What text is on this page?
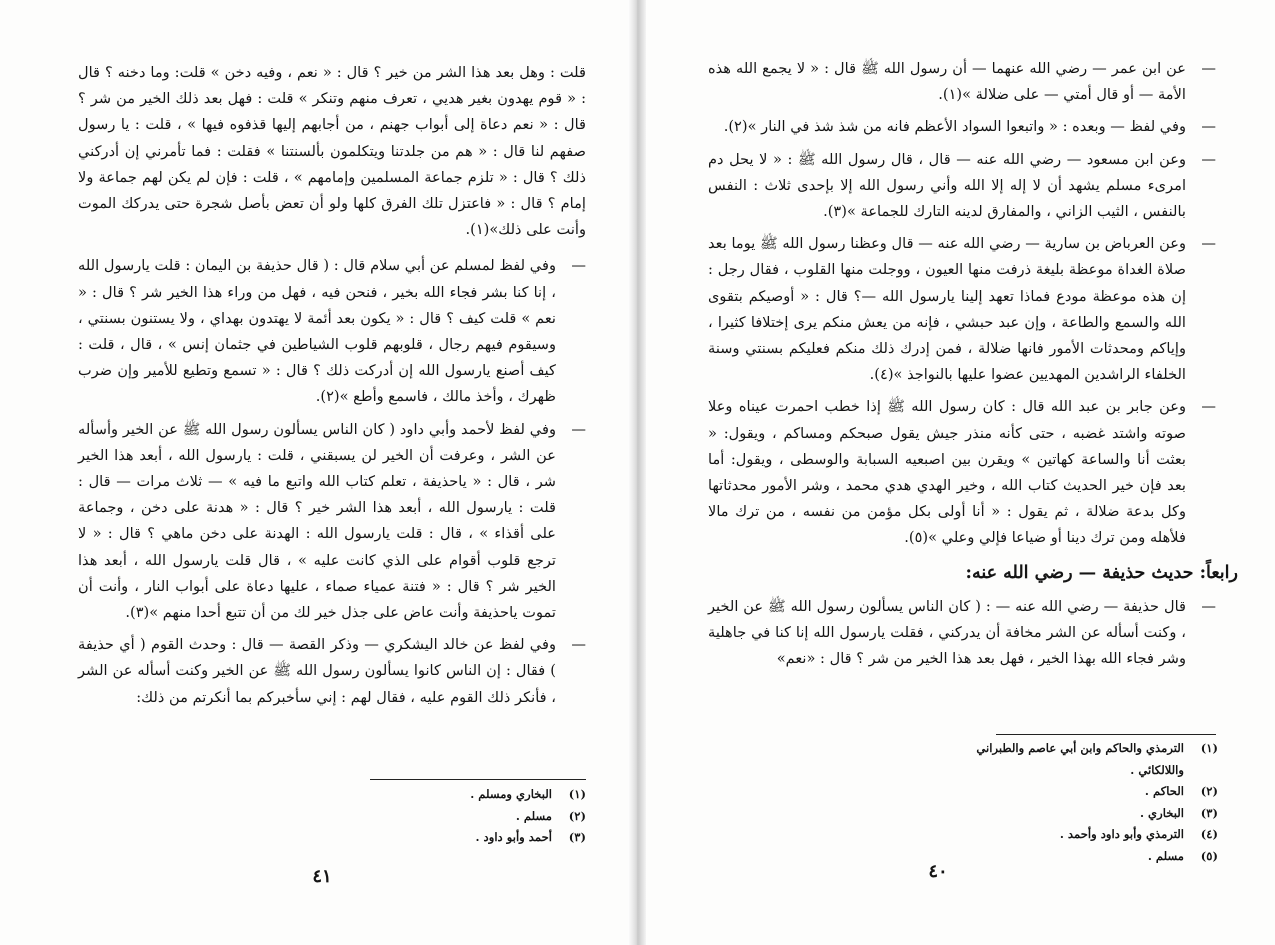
قلت : وهل بعد هذا الشر من خير ؟ قال : « نعم ، وفيه دخن » قلت: وما دخنه ؟ قال : « قوم يهدون بغير هديي ، تعرف منهم وتنكر » قلت : فهل بعد ذلك الخير من شر ؟ قال : « نعم دعاة إلى أبواب جهنم ، من أجابهم إليها قذفوه فيها » ، قلت : يا رسول صفهم لنا قال : « هم من جلدتنا ويتكلمون بألسنتنا » فقلت : فما تأمرني إن أدركني ذلك ؟ قال : « تلزم جماعة المسلمين وإمامهم » ، قلت : فإن لم يكن لهم جماعة ولا إمام ؟ قال : « فاعتزل تلك الفرق كلها ولو أن تعض بأصل شجرة حتى يدركك الموت وأنت على ذلك»(١).

— وفي لفظ لمسلم عن أبي سلام قال : ( قال حذيفة بن اليمان : قلت يارسول الله ، إنا كنا بشر فجاء الله بخير ، فنحن فيه ، فهل من وراء هذا الخير شر ؟ قال : « نعم » قلت كيف ؟ قال : « يكون بعد أئمة لا يهتدون بهداي ، ولا يستنون بسنتي ، وسيقوم فيهم رجال ، قلوبهم قلوب الشياطين في جثمان إنس » ، قال ، قلت : كيف أصنع يارسول الله إن أدركت ذلك ؟ قال : « تسمع وتطيع للأمير وإن ضرب ظهرك ، وأخذ مالك ، فاسمع وأطع »(٢).

— وفي لفظ لأحمد وأبي داود ( كان الناس يسألون رسول الله ﷺ عن الخير وأسأله عن الشر ، وعرفت أن الخير لن يسبقني ، قلت : يارسول الله ، أبعد هذا الخير شر ، قال : « ياحذيفة ، تعلم كتاب الله واتبع ما فيه » — ثلاث مرات — قال : قلت : يارسول الله ، أبعد هذا الشر خير ؟ قال : « هدنة على دخن ، وجماعة على أقذاء » ، قال : قلت يارسول الله : الهدنة على دخن ماهي ؟ قال : « لا ترجع قلوب أقوام على الذي كانت عليه » ، قال قلت يارسول الله ، أبعد هذا الخير شر ؟ قال : « فتنة عمياء صماء ، عليها دعاة على أبواب النار ، وأنت أن تموت ياحذيفة وأنت عاض على جذل خير لك من أن تتبع أحدا منهم »(٣).

— وفي لفظ عن خالد اليشكري — وذكر القصة — قال : وحدث القوم ( أي حذيفة ) فقال : إن الناس كانوا يسألون رسول الله ﷺ عن الخير وكنت أسأله عن الشر ، فأنكر ذلك القوم عليه ، فقال لهم : إني سأخبركم بما أنكرتم من ذلك:

(١)
البخاري ومسلم .
(٢)
مسلم .
(٣)
أحمد وأبو داود .
٤١

— عن ابن عمر — رضي الله عنهما — أن رسول الله ﷺ قال : « لا يجمع الله هذه الأمة — أو قال أمتي — على ضلالة »(١).

— وفي لفظ — وبعده : « واتبعوا السواد الأعظم فانه من شذ شذ في النار »(٢).

— وعن ابن مسعود — رضي الله عنه — قال ، قال رسول الله ﷺ : « لا يحل دم امرىء مسلم يشهد أن لا إله إلا الله وأني رسول الله إلا بإحدى ثلاث : النفس بالنفس ، الثيب الزاني ، والمفارق لدينه التارك للجماعة »(٣).

— وعن العرباض بن سارية — رضي الله عنه — قال وعظنا رسول الله ﷺ يوما بعد صلاة الغداة موعظة بليغة ذرفت منها العيون ، ووجلت منها القلوب ، فقال رجل : إن هذه موعظة مودع فماذا تعهد إلينا يارسول الله —؟ قال : « أوصيكم بتقوى الله والسمع والطاعة ، وإن عبد حبشي ، فإنه من يعش منكم يرى إختلافا كثيرا ، وإياكم ومحدثات الأمور فانها ضلالة ، فمن إدرك ذلك منكم فعليكم بسنتي وسنة الخلفاء الراشدين المهديين عضوا عليها بالنواجذ »(٤).

— وعن جابر بن عبد الله قال : كان رسول الله ﷺ إذا خطب احمرت عيناه وعلا صوته واشتد غضبه ، حتى كأنه منذر جيش يقول صبحكم ومساكم ، ويقول: « بعثت أنا والساعة كهاتين » ويقرن بين اصبعيه السبابة والوسطى ، ويقول: أما بعد فإن خير الحديث كتاب الله ، وخير الهدي هدي محمد ، وشر الأمور محدثاتها وكل بدعة ضلالة ، ثم يقول : « أنا أولى بكل مؤمن من نفسه ، من ترك مالا فلأهله ومن ترك دينا أو ضياعا فإلي وعلي »(٥).

رابعاً: حديث حذيفة — رضي الله عنه:

— قال حذيفة — رضي الله عنه — : ( كان الناس يسألون رسول الله ﷺ عن الخير ، وكنت أسأله عن الشر مخافة أن يدركني ، فقلت يارسول الله إنا كنا في جاهلية وشر فجاء الله بهذا الخير ، فهل بعد هذا الخير من شر ؟ قال : «نعم»

(١)
الترمذي والحاكم وابن أبي عاصم والطبراني واللالكائي .
(٢)
الحاكم .
(٣)
البخاري .
(٤)
الترمذي وأبو داود وأحمد .
(٥)
مسلم .
٤٠
